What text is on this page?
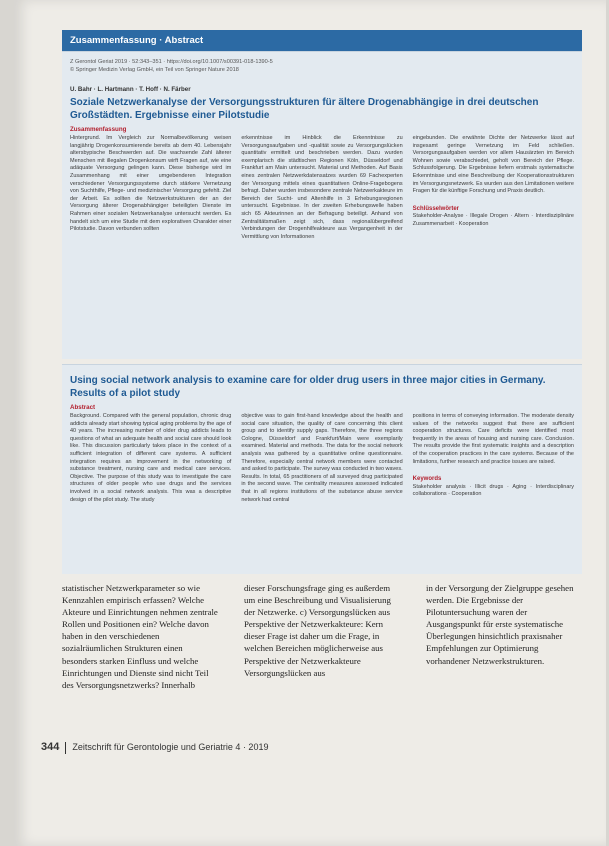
Zusammenfassung · Abstract
Z Gerontol Geriat 2019 · 52:343–351 · https://doi.org/10.1007/s00391-018-1390-5
© Springer Medizin Verlag GmbH, ein Teil von Springer Nature 2018
U. Bahr · L. Hartmann · T. Hoff · N. Färber
Soziale Netzwerkanalyse der Versorgungsstrukturen für ältere Drogenabhängige in drei deutschen Großstädten. Ergebnisse einer Pilotstudie
Zusammenfassung
Hintergrund. Im Vergleich zur Normalbevölkerung weisen langjährig Drogenkonsumierende bereits ab dem 40. Lebensjahr altersbypische Beschwerden auf. Die wachsende Zahl älterer Menschen mit illegalen Drogenkonsum wirft Fragen auf, wie eine adäquate Versorgung gelingen kann. Diese bisherige wird im Zusammenhang mit einer umgebenderen Integration verschiedener Versorgungssysteme durch stärkere Vernetzung von Suchthilfe, Pflege- und medizinischer Versorgung gefehlt. Ziel der Arbeit. Es sollten die Netzwerkstrukturen der an der Versorgung älterer Drogenabhängiger beteiligten Dienste im Rahmen einer sozialen Netzwerkanalyse untersucht werden. Es handelt sich um eine Studie mit dem explorativen Charakter einer Pilotstudie. Davon verbunden sollten
erkenntnisse im Hinblick die Erkenntnisse zu Versorgungsaufgaben und -qualität sowie zu Versorgungslücken quantitativ ermittelt und beschrieben werden. Dazu wurden exemplarisch die städtischen Regionen Köln, Düsseldorf und Frankfurt am Main untersucht. Material und Methoden. Auf Basis eines zentralen Netzwerkdatensatzes wurden 69 Fachexperten der Versorgung mittels eines quantitativen Online-Fragebogens befragt. Daher wurden insbesondere zentrale Netzwerkakteure im Bereich der Sucht- und Altenhilfe in 3 Erhebungsregionen untersucht. Ergebnisse. In der zweiten Erhebungswelle haben sich 65 Akteurinnen an der Befragung beteiligt. Anhand von Zentralitätsmaßen zeigt sich, dass regionalübergreifend Verbindungen der Drogenhilfeakteure aus Vergangenheit in der Vermittlung von Informationen
eingebunden. Die erwähnte Dichte der Netzwerke lässt auf insgesamt geringe Vernetzung im Feld schließen. Versorgungsaufgaben werden vor allem Hausärzten im Bereich Wohnen sowie verabschiedet, geholt von Bereich der Pflege. Schlussfolgerung. Die Ergebnisse liefern erstmals systematische Erkenntnisse und eine Beschreibung der Kooperationsstrukturen im Versorgungsnetzwerk. Es wurden aus den Limitationen weitere Fragen für die künftige Forschung und Praxis deutlich.
Schlüsselwörter
Stakeholder-Analyse · Illegale Drogen · Altern · Interdisziplinäre Zusammenarbeit · Kooperation
Using social network analysis to examine care for older drug users in three major cities in Germany. Results of a pilot study
Abstract
Background. Compared with the general population, chronic drug addicts already start showing typical aging problems by the age of 40 years. The increasing number of older drug addicts leads to questions of what an adequate health and social care should look like. This discussion particularly takes place in the context of a sufficient integration of different care systems. A sufficient integration requires an improvement in the networking of substance treatment, nursing care and medical care services. Objective. The purpose of this study was to investigate the care structures of older people who use drugs and the services involved in a social network analysis. This was a descriptive design of the pilot study. The study
objective was to gain first-hand knowledge about the health and social care situation, the quality of care concerning this client group and to identify supply gaps. Therefore, the three regions Cologne, Düsseldorf and Frankfurt/Main were exemplarily examined. Material and methods. The data for the social network analysis was gathered by a quantitative online questionnaire. Therefore, especially central network members were contacted and asked to participate. The survey was conducted in two waves. Results. In total, 65 practitioners of all surveyed drug participated in the second wave. The centrality measures assessed indicated that in all regions institutions of the substance abuse service network had central
positions in terms of conveying information. The moderate density values of the networks suggest that there are sufficient cooperation structures. Care deficits were identified most frequently in the areas of housing and nursing care. Conclusion. The results provide the first systematic insights and a description of the cooperation practices in the care systems. Because of the limitations, further research and practice issues are raised.
Keywords
Stakeholder analysis · Illicit drugs · Aging · Interdisciplinary collaborations · Cooperation
statistischer Netzwerkparameter so wie Kennzahlen empirisch erfassen? Welche Akteure und Einrichtungen nehmen zentrale Rollen und Positionen ein? Welche davon haben in den verschiedenen sozialräumlichen Strukturen einen besonders starken Einfluss und welche Einrichtungen und Dienste sind nicht Teil des Versorgungsnetzwerks? Innerhalb
dieser Forschungsfrage ging es außerdem um eine Beschreibung und Visualisierung der Netzwerke. c) Versorgungslücken aus Perspektive der Netzwerkakteure: Kern dieser Frage ist daher um die Frage, in welchen Bereichen möglicherweise aus Perspektive der Netzwerkakteure Versorgungslücken aus
in der Versorgung der Zielgruppe gesehen werden. Die Ergebnisse der Pilotuntersuchung waren der Ausgangspunkt für erste systematische Überlegungen hinsichtlich praxisnaher Empfehlungen zur Optimierung vorhandener Netzwerkstrukturen.
344 Zeitschrift für Gerontologie und Geriatrie 4 · 2019
